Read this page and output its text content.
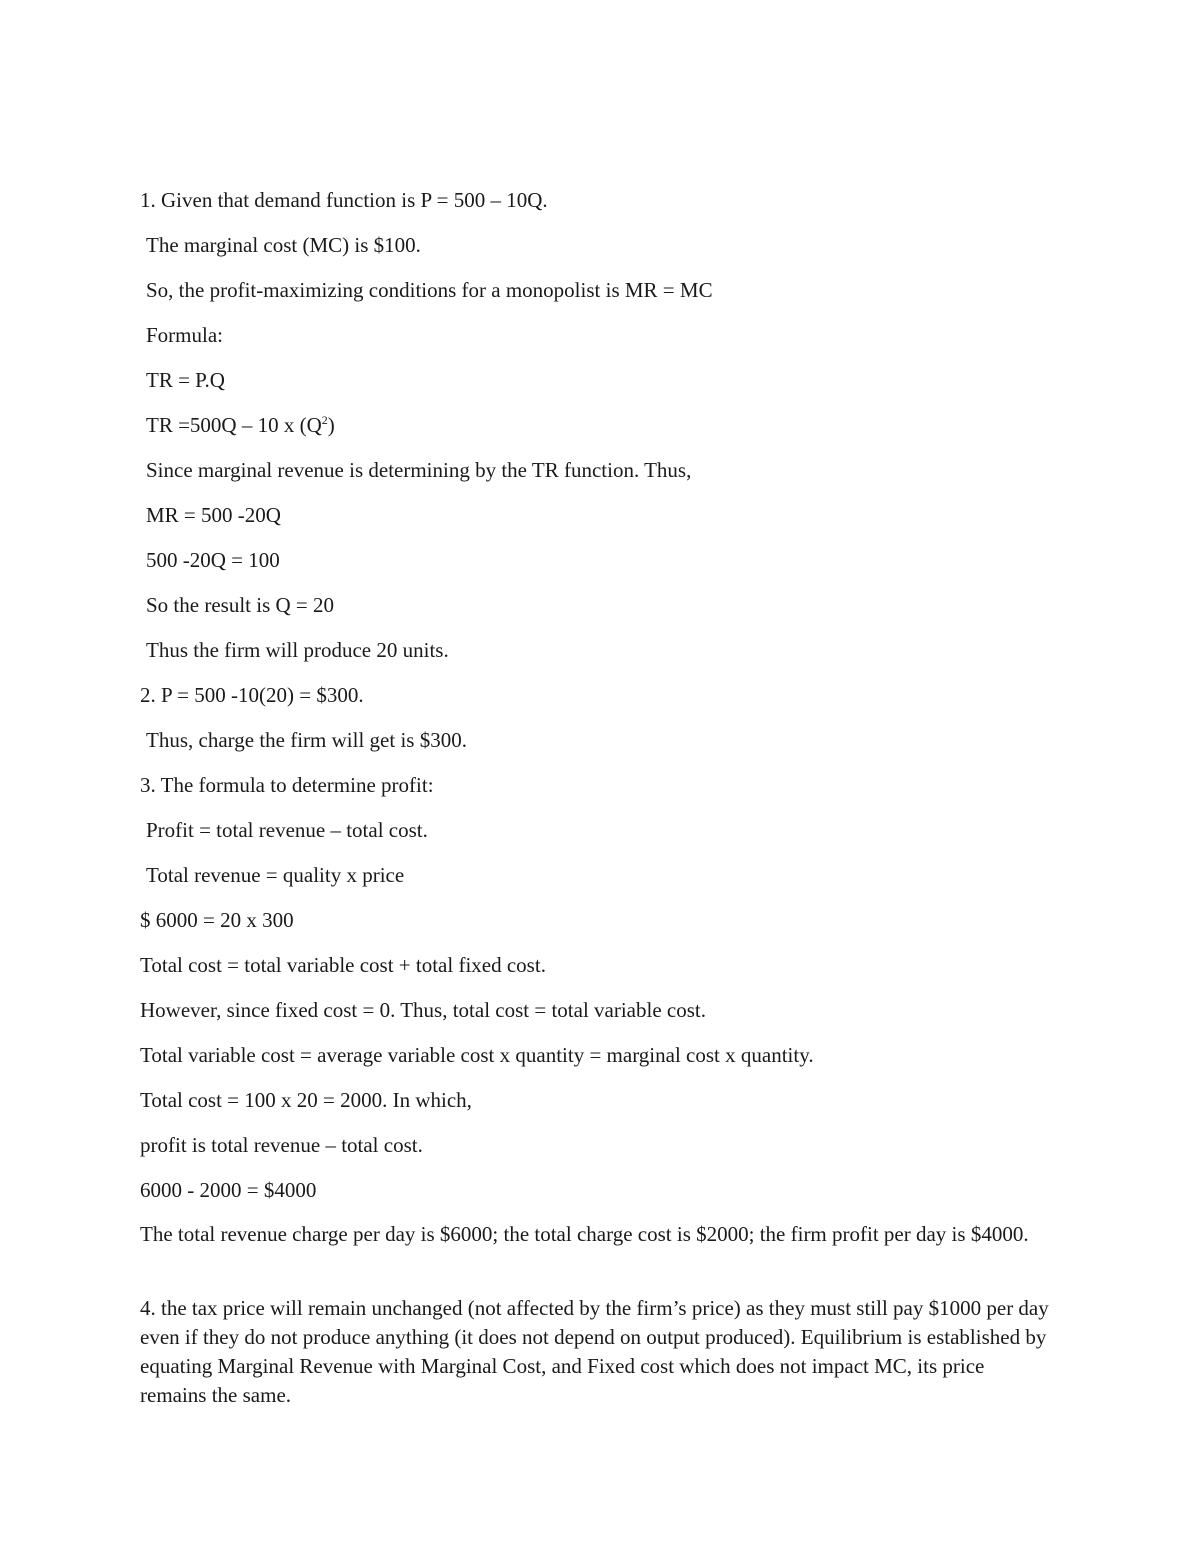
1. Given that demand function is P = 500 – 10Q.
The marginal cost (MC) is $100.
So, the profit-maximizing conditions for a monopolist is MR = MC
Formula:
TR = P.Q
TR =500Q – 10 x $(Q^2)$
Since marginal revenue is determining by the TR function. Thus,
MR = 500 -20Q
500 -20Q = 100
So the result is Q = 20
Thus the firm will produce 20 units.
2. P = 500 -10(20) = $300.
Thus, charge the firm will get is $300.
3. The formula to determine profit:
Profit = total revenue – total cost.
Total revenue = quality x price
$ 6000 = 20 x 300
Total cost = total variable cost + total fixed cost.
However, since fixed cost = 0. Thus, total cost = total variable cost.
Total variable cost = average variable cost x quantity = marginal cost x quantity.
Total cost = 100 x 20 = 2000. In which,
profit is total revenue – total cost.
6000 - 2000 = $4000
The total revenue charge per day is $6000; the total charge cost is $2000; the firm profit per day is $4000.
4. the tax price will remain unchanged (not affected by the firm’s price) as they must still pay $1000 per day even if they do not produce anything (it does not depend on output produced). Equilibrium is established by equating Marginal Revenue with Marginal Cost, and Fixed cost which does not impact MC, its price remains the same.
